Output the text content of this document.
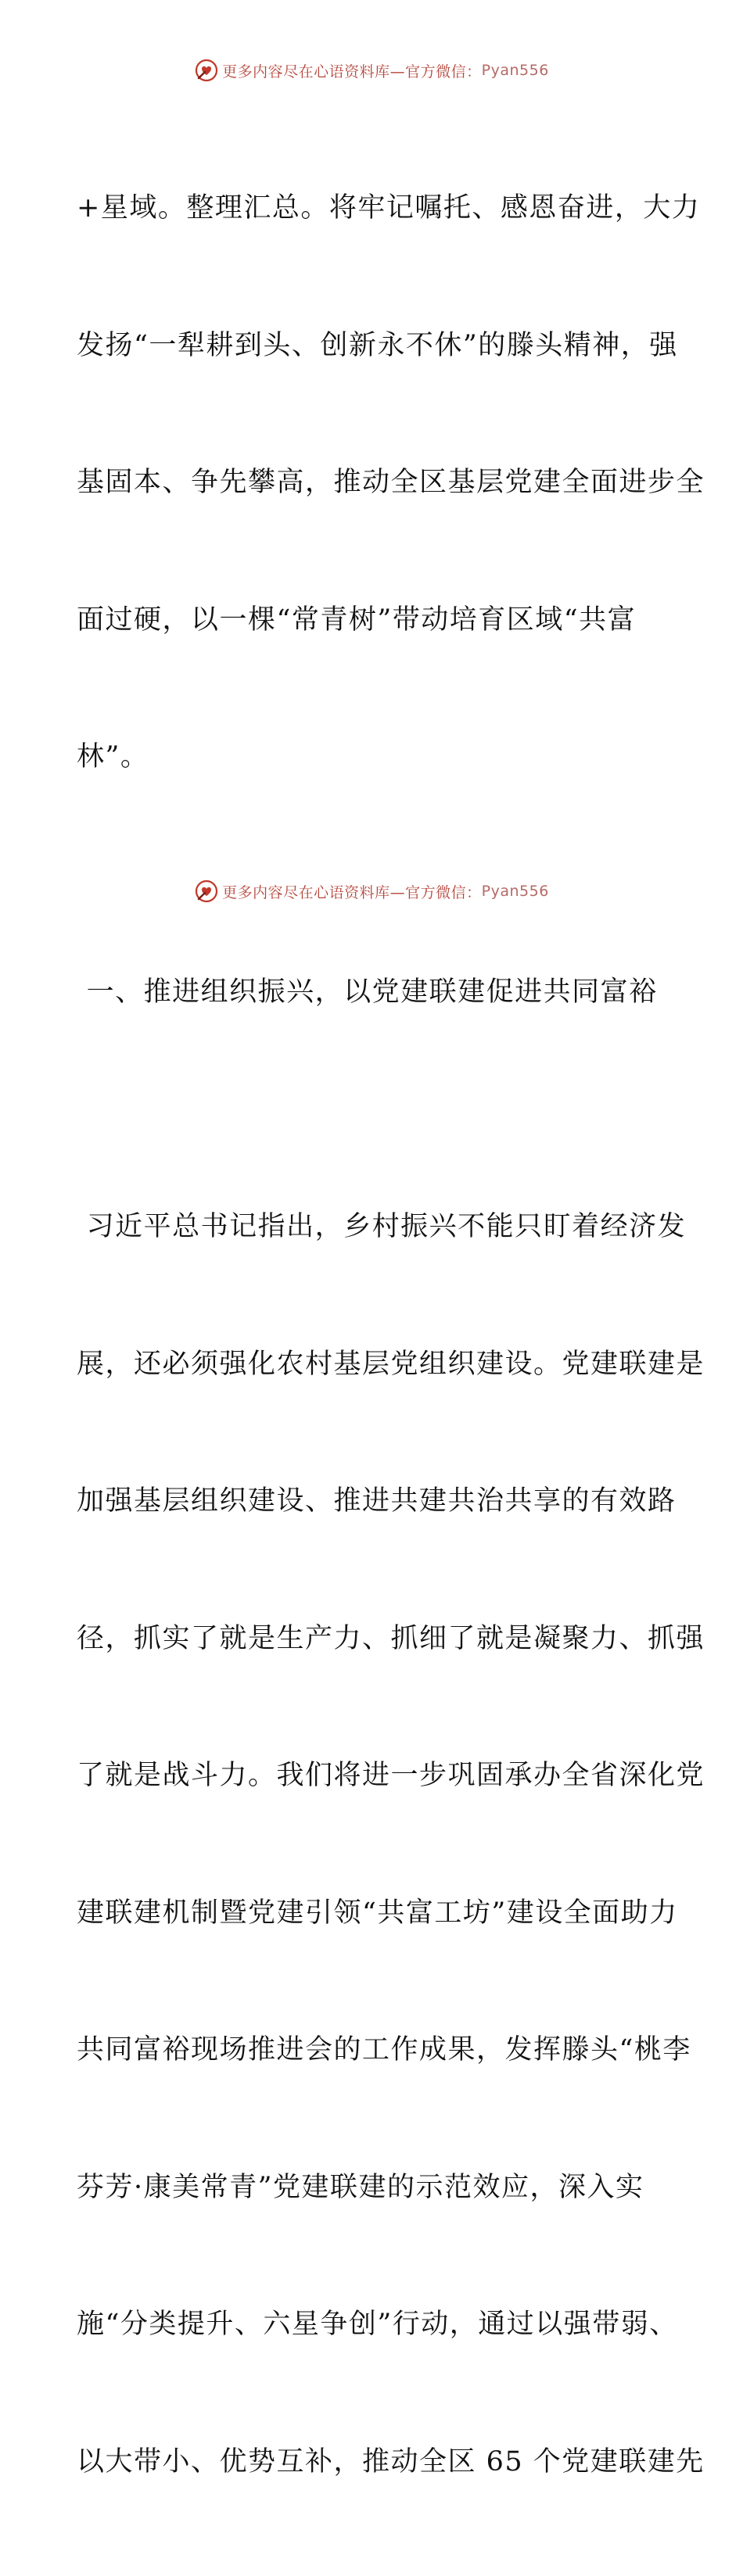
更多内容尽在心语资料库—官方微信： Pyan556

+星域。整理汇总。将牢记嘱托、感恩奋进，大力

发扬“一犁耕到头、创新永不休”的滕头精神，强

基固本、争先攀高，推动全区基层党建全面进步全

面过硬，以一棵“常青树”带动培育区域“共富

林”。

一、推进组织振兴，以党建联建促进共同富裕

习近平总书记指出，乡村振兴不能只盯着经济发

展，还必须强化农村基层党组织建设。党建联建是

加强基层组织建设、推进共建共治共享的有效路

径，抓实了就是生产力、抓细了就是凝聚力、抓强

了就是战斗力。我们将进一步巩固承办全省深化党

建联建机制暨党建引领“共富工坊”建设全面助力

共同富裕现场推进会的工作成果，发挥滕头“桃李

芬芳·康美常青”党建联建的示范效应，深入实

施“分类提升、六星争创”行动，通过以强带弱、

以大带小、优势互补，推动全区 65 个党建联建先

更多内容尽在心语资料库—官方微信： Pyan556
